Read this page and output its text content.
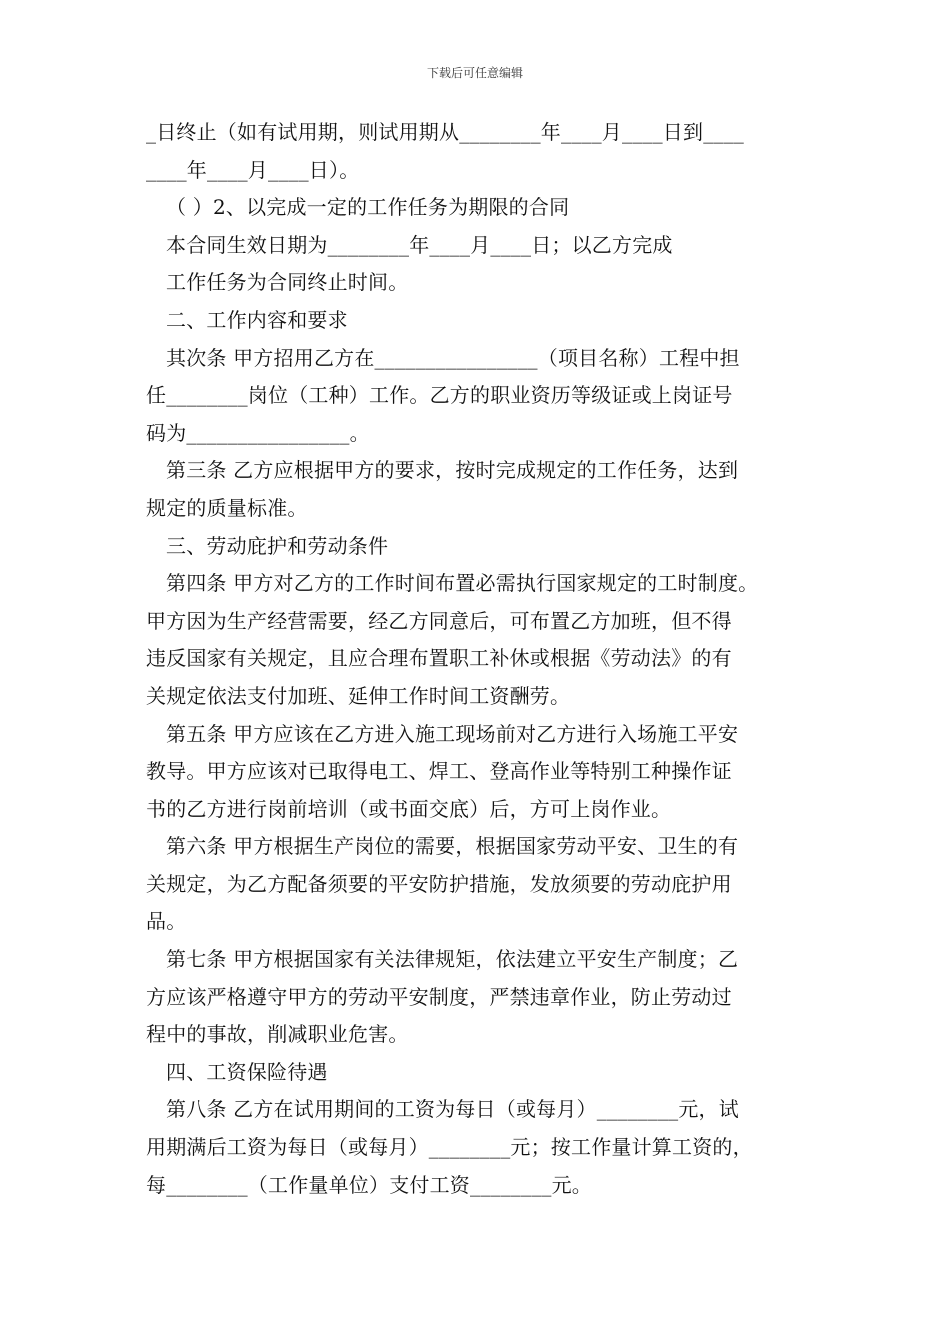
下载后可任意编辑
_日终止（如有试用期，则试用期从________年____月____日到____
____年____月____日）。
（ ）2、以完成一定的工作任务为期限的合同
本合同生效日期为________年____月____日；以乙方完成
工作任务为合同终止时间。
二、工作内容和要求
其次条 甲方招用乙方在________________（项目名称）工程中担
任________岗位（工种）工作。乙方的职业资历等级证或上岗证号
码为________________。
第三条 乙方应根据甲方的要求，按时完成规定的工作任务，达到
规定的质量标准。
三、劳动庇护和劳动条件
第四条 甲方对乙方的工作时间布置必需执行国家规定的工时制度。
甲方因为生产经营需要，经乙方同意后，可布置乙方加班，但不得
违反国家有关规定，且应合理布置职工补休或根据《劳动法》的有
关规定依法支付加班、延伸工作时间工资酬劳。
第五条 甲方应该在乙方进入施工现场前对乙方进行入场施工平安
教导。甲方应该对已取得电工、焊工、登高作业等特别工种操作证
书的乙方进行岗前培训（或书面交底）后，方可上岗作业。
第六条 甲方根据生产岗位的需要，根据国家劳动平安、卫生的有
关规定，为乙方配备须要的平安防护措施，发放须要的劳动庇护用
品。
第七条 甲方根据国家有关法律规矩，依法建立平安生产制度；乙
方应该严格遵守甲方的劳动平安制度，严禁违章作业，防止劳动过
程中的事故，削减职业危害。
四、工资保险待遇
第八条 乙方在试用期间的工资为每日（或每月）________元，试
用期满后工资为每日（或每月）________元；按工作量计算工资的，
每________（工作量单位）支付工资________元。
